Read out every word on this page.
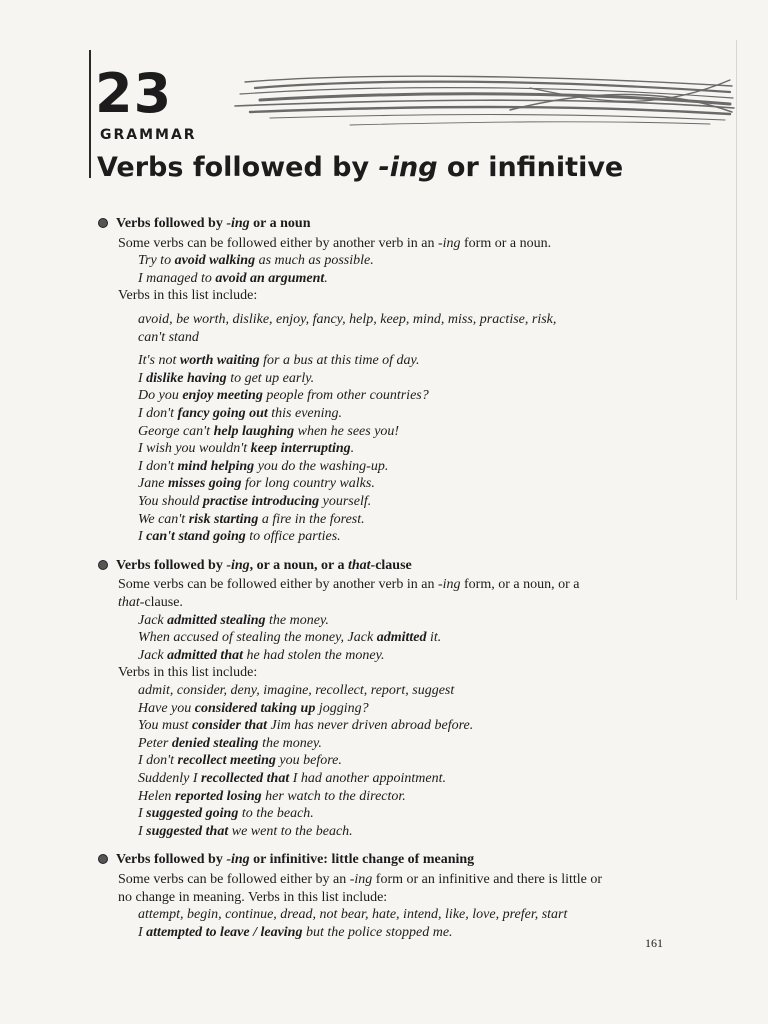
23
GRAMMAR
Verbs followed by -ing or infinitive
Verbs followed by -ing or a noun
Some verbs can be followed either by another verb in an -ing form or a noun.
Try to avoid walking as much as possible.
I managed to avoid an argument.
Verbs in this list include:
avoid, be worth, dislike, enjoy, fancy, help, keep, mind, miss, practise, risk,
can't stand
It's not worth waiting for a bus at this time of day.
I dislike having to get up early.
Do you enjoy meeting people from other countries?
I don't fancy going out this evening.
George can't help laughing when he sees you!
I wish you wouldn't keep interrupting.
I don't mind helping you do the washing-up.
Jane misses going for long country walks.
You should practise introducing yourself.
We can't risk starting a fire in the forest.
I can't stand going to office parties.
Verbs followed by -ing, or a noun, or a that-clause
Some verbs can be followed either by another verb in an -ing form, or a noun, or a
that-clause.
Jack admitted stealing the money.
When accused of stealing the money, Jack admitted it.
Jack admitted that he had stolen the money.
Verbs in this list include:
admit, consider, deny, imagine, recollect, report, suggest
Have you considered taking up jogging?
You must consider that Jim has never driven abroad before.
Peter denied stealing the money.
I don't recollect meeting you before.
Suddenly I recollected that I had another appointment.
Helen reported losing her watch to the director.
I suggested going to the beach.
I suggested that we went to the beach.
Verbs followed by -ing or infinitive: little change of meaning
Some verbs can be followed either by an -ing form or an infinitive and there is little or
no change in meaning. Verbs in this list include:
attempt, begin, continue, dread, not bear, hate, intend, like, love, prefer, start
I attempted to leave / leaving but the police stopped me.
161
